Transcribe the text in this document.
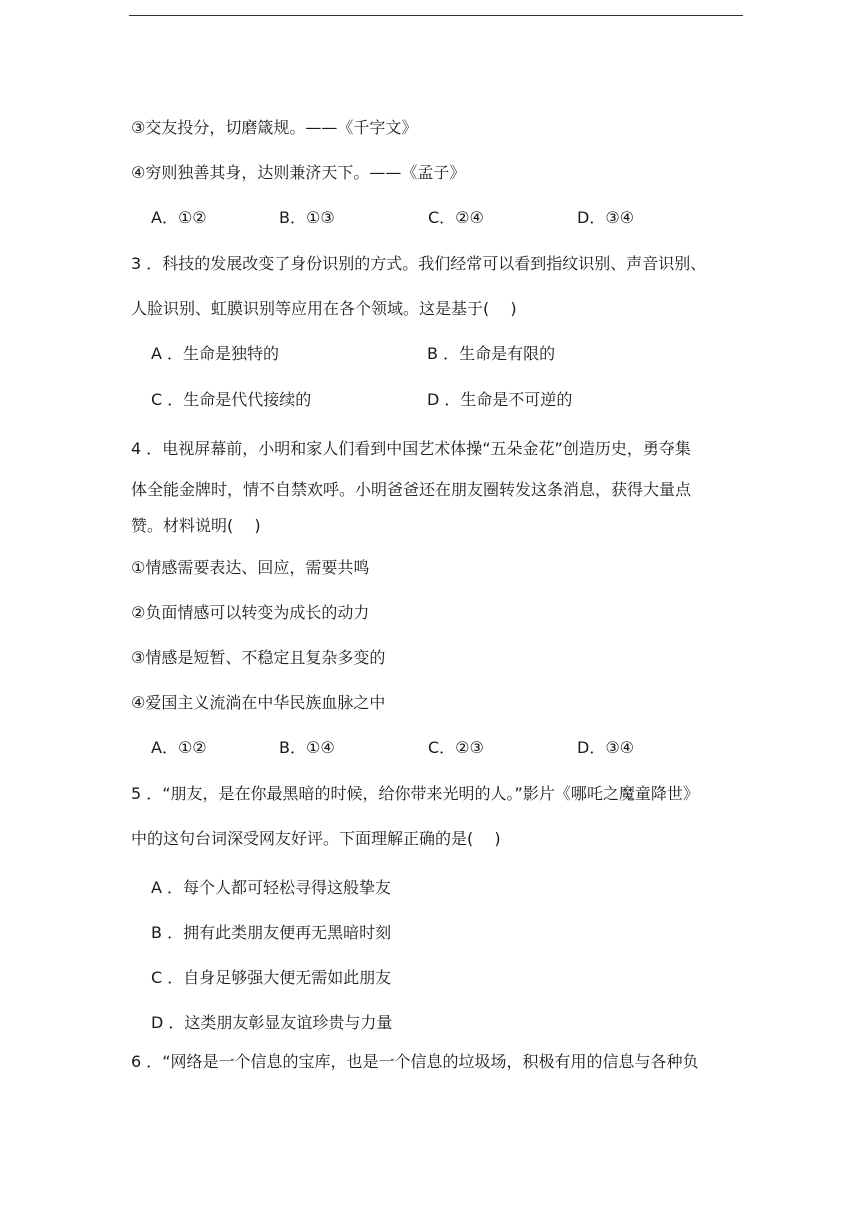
③交友投分，切磨箴规。——《千字文》
④穷则独善其身，达则兼济天下。——《孟子》
A．①②	B．①③	C．②④	D．③④
3 ．科技的发展改变了身份识别的方式。我们经常可以看到指纹识别、声音识别、
人脸识别、虹膜识别等应用在各个领域。这是基于(　 )
A ．生命是独特的	B ．生命是有限的
C ．生命是代代接续的	D ．生命是不可逆的
4 ．电视屏幕前，小明和家人们看到中国艺术体操“五朵金花”创造历史，勇夺集
体全能金牌时，情不自禁欢呼。小明爸爸还在朋友圈转发这条消息，获得大量点
赞。材料说明(　 )
①情感需要表达、回应，需要共鸣
②负面情感可以转变为成长的动力
③情感是短暂、不稳定且复杂多变的
④爱国主义流淌在中华民族血脉之中
A．①②	B．①④	C．②③	D．③④
5 ．“朋友，是在你最黑暗的时候，给你带来光明的人。”影片《哪吒之魔童降世》
中的这句台词深受网友好评。下面理解正确的是(　 )
A ．每个人都可轻松寻得这般挚友
B ．拥有此类朋友便再无黑暗时刻
C ．自身足够强大便无需如此朋友
D ．这类朋友彰显友谊珍贵与力量
6 ．“网络是一个信息的宝库，也是一个信息的垃圾场，积极有用的信息与各种负
